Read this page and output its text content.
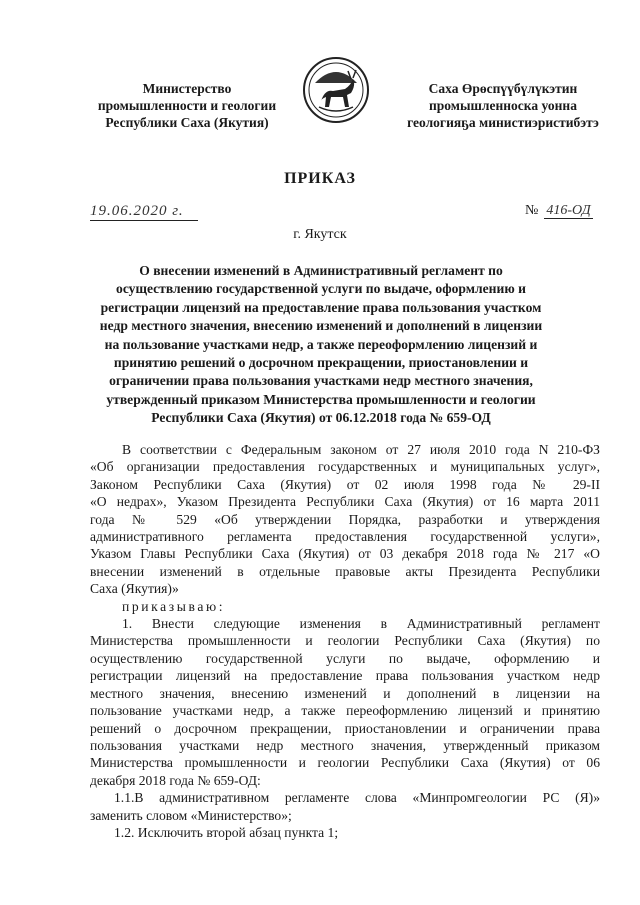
Министерство
промышленности и геологии
Республики Саха (Якутия)
Саха Өрөспүүбүлүкэтин
промышленноска уонна
геологияҕа министиэристибэтэ
ПРИКАЗ
19.06.2020 г.	№ 416-ОД
г. Якутск
О внесении изменений в Административный регламент по
осуществлению государственной услуги по выдаче, оформлению и
регистрации лицензий на предоставление права пользования участком
недр местного значения, внесению изменений и дополнений в лицензии
на пользование участками недр, а также переоформлению лицензий и
принятию решений о досрочном прекращении, приостановлении и
ограничении права пользования участками недр местного значения,
утвержденный приказом Министерства промышленности и геологии
Республики Саха (Якутия) от 06.12.2018 года № 659-ОД
В соответствии с Федеральным законом от 27 июля 2010 года N 210-ФЗ
«Об организации предоставления государственных и муниципальных услуг»,
Законом Республики Саха (Якутия) от 02 июля 1998 года № 29-II
«О недрах», Указом Президента Республики Саха (Якутия) от 16 марта 2011
года № 529 «Об утверждении Порядка, разработки и утверждения
административного регламента предоставления государственной услуги»,
Указом Главы Республики Саха (Якутия) от 03 декабря 2018 года № 217 «О
внесении изменений в отдельные правовые акты Президента Республики
Саха (Якутия)»
приказываю:
1. Внести следующие изменения в Административный регламент
Министерства промышленности и геологии Республики Саха (Якутия) по
осуществлению государственной услуги по выдаче, оформлению и
регистрации лицензий на предоставление права пользования участком недр
местного значения, внесению изменений и дополнений в лицензии на
пользование участками недр, а также переоформлению лицензий и принятию
решений о досрочном прекращении, приостановлении и ограничении права
пользования участками недр местного значения, утвержденный приказом
Министерства промышленности и геологии Республики Саха (Якутия) от 06
декабря 2018 года № 659-ОД:
1.1.В административном регламенте слова «Минпромгеологии РС (Я)»
заменить словом «Министерство»;
1.2. Исключить второй абзац пункта 1;
